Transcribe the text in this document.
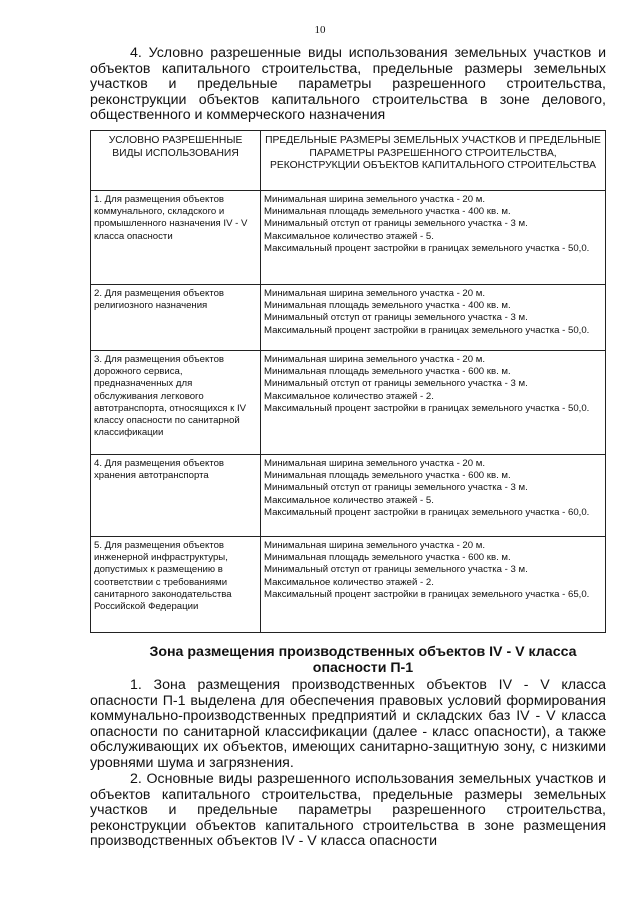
10
4. Условно разрешенные виды использования земельных участков и объектов капитального строительства, предельные размеры земельных участков и предельные параметры разрешенного строительства, реконструкции объектов капитального строительства в зоне делового, общественного и коммерческого назначения
УСЛОВНО РАЗРЕШЕННЫЕ ВИДЫ ИСПОЛЬЗОВАНИЯ	ПРЕДЕЛЬНЫЕ РАЗМЕРЫ ЗЕМЕЛЬНЫХ УЧАСТКОВ И ПРЕДЕЛЬНЫЕ ПАРАМЕТРЫ РАЗРЕШЕННОГО СТРОИТЕЛЬСТВА, РЕКОНСТРУКЦИИ ОБЪЕКТОВ КАПИТАЛЬНОГО СТРОИТЕЛЬСТВА
1. Для размещения объектов коммунального, складского и промышленного назначения IV - V класса опасности	Минимальная ширина земельного участка - 20 м.
Минимальная площадь земельного участка - 400 кв. м.
Минимальный отступ от границы земельного участка - 3 м.
Максимальное количество этажей - 5.
Максимальный процент застройки в границах земельного участка - 50,0.

2. Для размещения объектов религиозного назначения	Минимальная ширина земельного участка - 20 м.
Минимальная площадь земельного участка - 400 кв. м.
Минимальный отступ от границы земельного участка - 3 м.
Максимальный процент застройки в границах земельного участка - 50,0.

3. Для размещения объектов дорожного сервиса, предназначенных для обслуживания легкового автотранспорта, относящихся к IV классу опасности по санитарной классификации	Минимальная ширина земельного участка - 20 м.
Минимальная площадь земельного участка - 600 кв. м.
Минимальный отступ от границы земельного участка - 3 м.
Максимальное количество этажей - 2.
Максимальный процент застройки в границах земельного участка - 50,0.

4. Для размещения объектов хранения автотранспорта	Минимальная ширина земельного участка - 20 м.
Минимальная площадь земельного участка - 600 кв. м.
Минимальный отступ от границы земельного участка - 3 м.
Максимальное количество этажей - 5.
Максимальный процент застройки в границах земельного участка - 60,0.

5. Для размещения объектов инженерной инфраструктуры, допустимых к размещению в соответствии с требованиями санитарного законодательства Российской Федерации	Минимальная ширина земельного участка - 20 м.
Минимальная площадь земельного участка - 600 кв. м.
Минимальный отступ от границы земельного участка - 3 м.
Максимальное количество этажей - 2.
Максимальный процент застройки в границах земельного участка - 65,0.
Зона размещения производственных объектов IV - V класса опасности П-1
1. Зона размещения производственных объектов IV - V класса опасности П-1 выделена для обеспечения правовых условий формирования коммунально-производственных предприятий и складских баз IV - V класса опасности по санитарной классификации (далее - класс опасности), а также обслуживающих их объектов, имеющих санитарно-защитную зону, с низкими уровнями шума и загрязнения.
2. Основные виды разрешенного использования земельных участков и объектов капитального строительства, предельные размеры земельных участков и предельные параметры разрешенного строительства, реконструкции объектов капитального строительства в зоне размещения производственных объектов IV - V класса опасности
